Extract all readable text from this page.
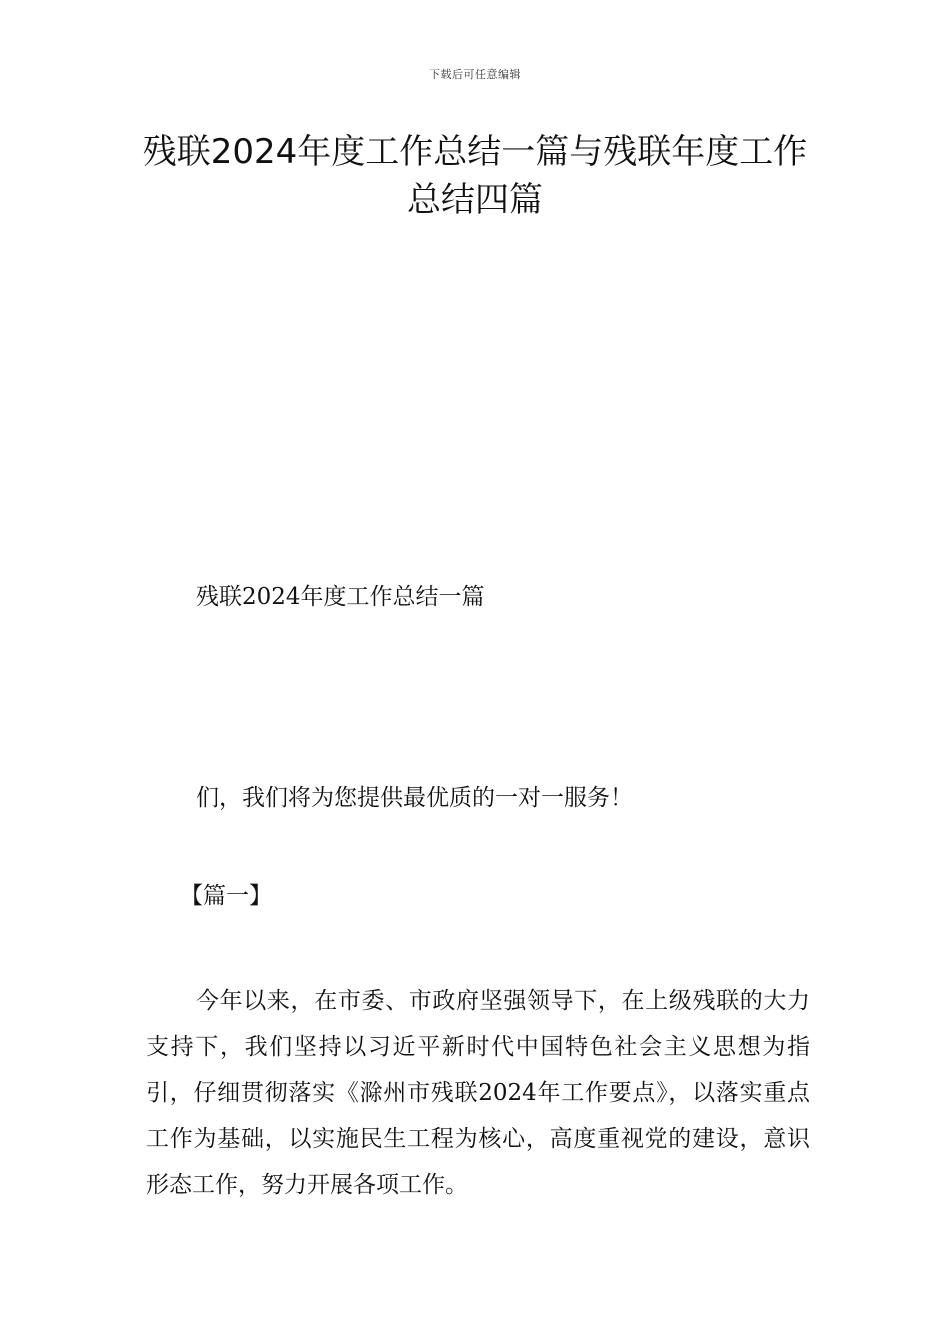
下载后可任意编辑
残联2024年度工作总结一篇与残联年度工作总结四篇

残联2024年度工作总结一篇

们，我们将为您提供最优质的一对一服务！

【篇一】

今年以来，在市委、市政府坚强领导下，在上级残联的大力支持下，我们坚持以习近平新时代中国特色社会主义思想为指引，仔细贯彻落实《滁州市残联2024年工作要点》，以落实重点工作为基础，以实施民生工程为核心，高度重视党的建设，意识形态工作，努力开展各项工作。
